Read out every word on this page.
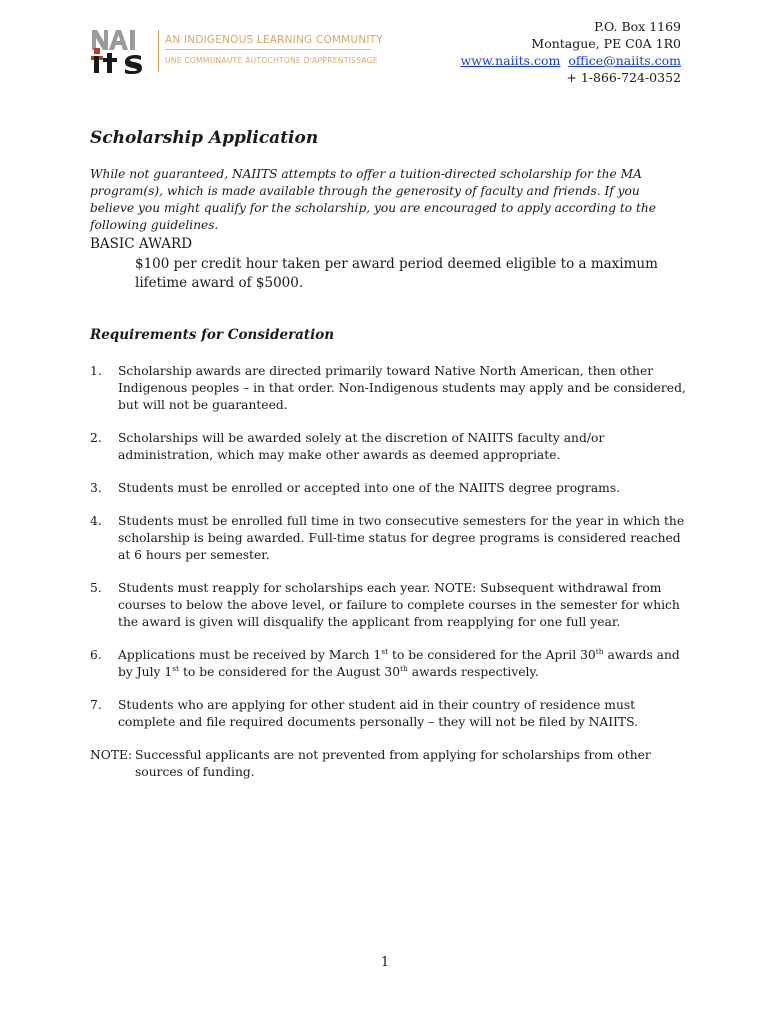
AN INDIGENOUS LEARNING COMMUNITY
UNE COMMUNAUTÉ AUTOCHTONE D'APPRENTISSAGE
P.O. Box 1169
Montague, PE C0A 1R0
www.naiits.com office@naiits.com
+ 1-866-724-0352
Scholarship Application
While not guaranteed, NAIITS attempts to offer a tuition-directed scholarship for the MA program(s), which is made available through the generosity of faculty and friends. If you believe you might qualify for the scholarship, you are encouraged to apply according to the following guidelines.
BASIC AWARD
$100 per credit hour taken per award period deemed eligible to a maximum lifetime award of $5000.
Requirements for Consideration
1. Scholarship awards are directed primarily toward Native North American, then other Indigenous peoples – in that order. Non-Indigenous students may apply and be considered, but will not be guaranteed.
2. Scholarships will be awarded solely at the discretion of NAIITS faculty and/or administration, which may make other awards as deemed appropriate.
3. Students must be enrolled or accepted into one of the NAIITS degree programs.
4. Students must be enrolled full time in two consecutive semesters for the year in which the scholarship is being awarded. Full-time status for degree programs is considered reached at 6 hours per semester.
5. Students must reapply for scholarships each year. NOTE: Subsequent withdrawal from courses to below the above level, or failure to complete courses in the semester for which the award is given will disqualify the applicant from reapplying for one full year.
6. Applications must be received by March 1st to be considered for the April 30th awards and by July 1st to be considered for the August 30th awards respectively.
7. Students who are applying for other student aid in their country of residence must complete and file required documents personally – they will not be filed by NAIITS.
NOTE: Successful applicants are not prevented from applying for scholarships from other sources of funding.
1
